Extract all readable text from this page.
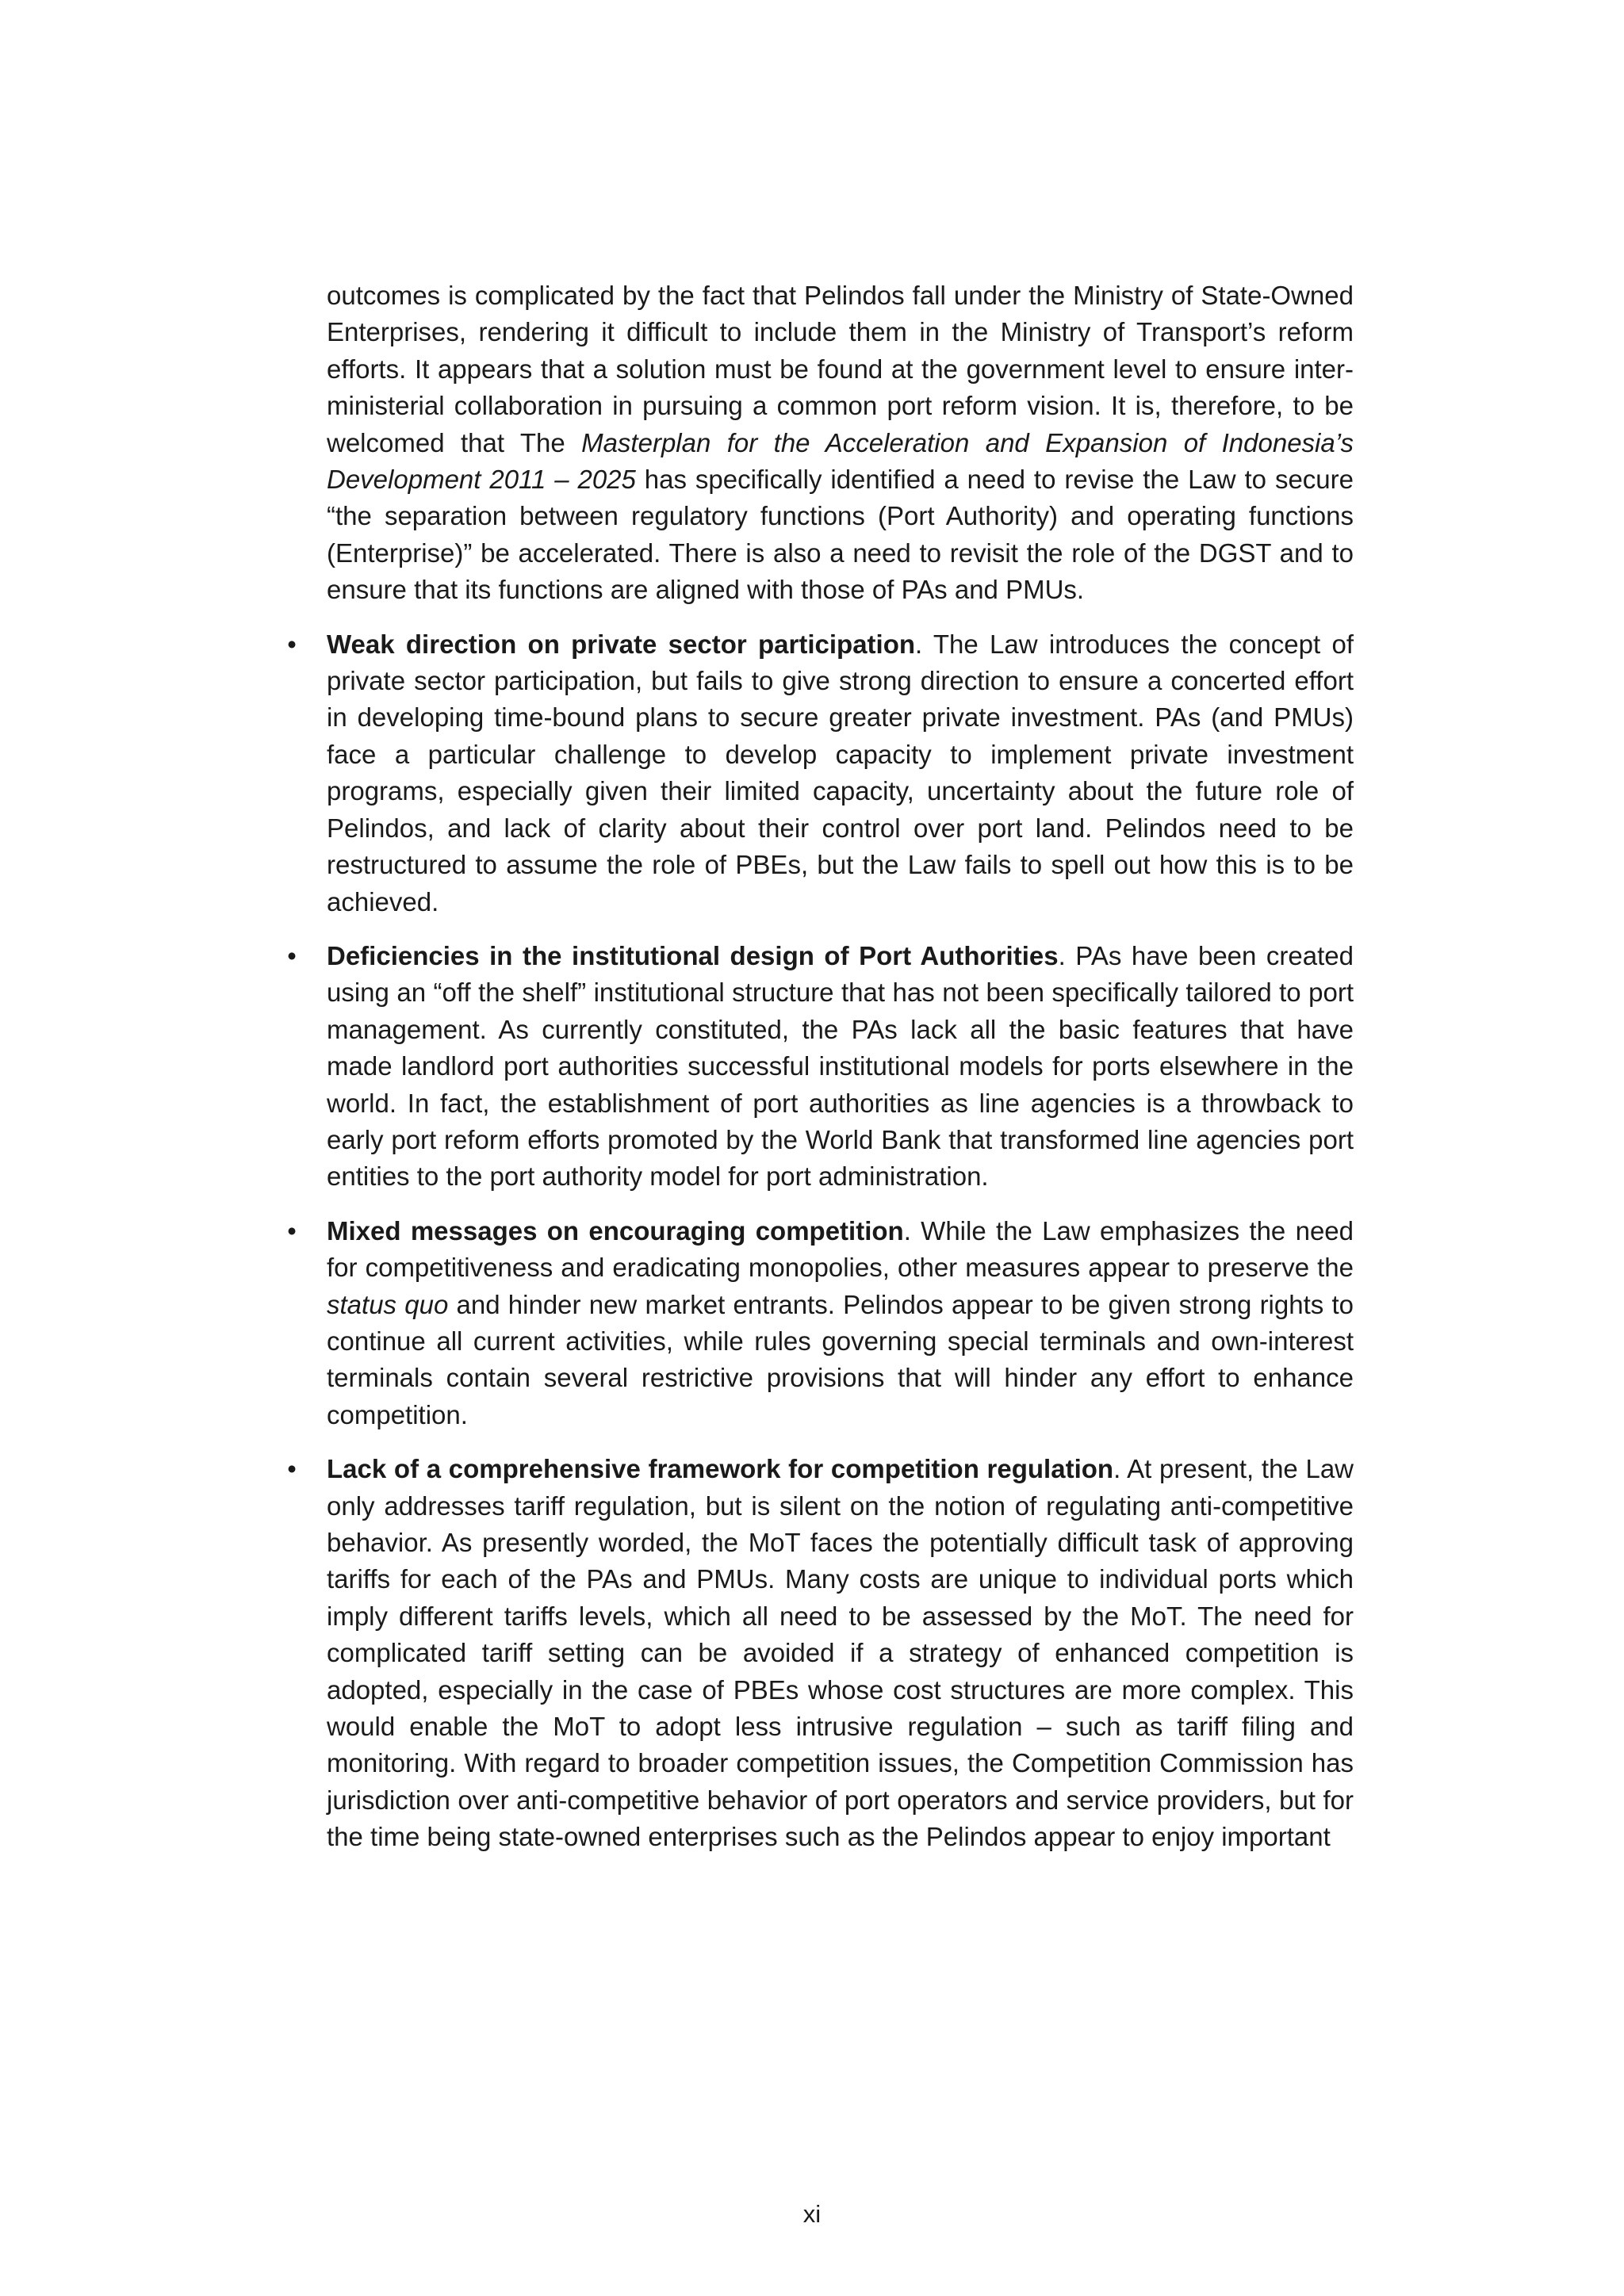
outcomes is complicated by the fact that Pelindos fall under the Ministry of State-Owned Enterprises, rendering it difficult to include them in the Ministry of Transport’s reform efforts. It appears that a solution must be found at the government level to ensure inter-ministerial collaboration in pursuing a common port reform vision. It is, therefore, to be welcomed that The Masterplan for the Acceleration and Expansion of Indonesia’s Development 2011 – 2025 has specifically identified a need to revise the Law to secure “the separation between regulatory functions (Port Authority) and operating functions (Enterprise)” be accelerated. There is also a need to revisit the role of the DGST and to ensure that its functions are aligned with those of PAs and PMUs.

• Weak direction on private sector participation. The Law introduces the concept of private sector participation, but fails to give strong direction to ensure a concerted effort in developing time-bound plans to secure greater private investment. PAs (and PMUs) face a particular challenge to develop capacity to implement private investment programs, especially given their limited capacity, uncertainty about the future role of Pelindos, and lack of clarity about their control over port land. Pelindos need to be restructured to assume the role of PBEs, but the Law fails to spell out how this is to be achieved.

• Deficiencies in the institutional design of Port Authorities. PAs have been created using an “off the shelf” institutional structure that has not been specifically tailored to port management. As currently constituted, the PAs lack all the basic features that have made landlord port authorities successful institutional models for ports elsewhere in the world. In fact, the establishment of port authorities as line agencies is a throwback to early port reform efforts promoted by the World Bank that transformed line agencies port entities to the port authority model for port administration.

• Mixed messages on encouraging competition. While the Law emphasizes the need for competitiveness and eradicating monopolies, other measures appear to preserve the status quo and hinder new market entrants. Pelindos appear to be given strong rights to continue all current activities, while rules governing special terminals and own-interest terminals contain several restrictive provisions that will hinder any effort to enhance competition.

• Lack of a comprehensive framework for competition regulation. At present, the Law only addresses tariff regulation, but is silent on the notion of regulating anti-competitive behavior. As presently worded, the MoT faces the potentially difficult task of approving tariffs for each of the PAs and PMUs. Many costs are unique to individual ports which imply different tariffs levels, which all need to be assessed by the MoT. The need for complicated tariff setting can be avoided if a strategy of enhanced competition is adopted, especially in the case of PBEs whose cost structures are more complex. This would enable the MoT to adopt less intrusive regulation – such as tariff filing and monitoring. With regard to broader competition issues, the Competition Commission has jurisdiction over anti-competitive behavior of port operators and service providers, but for the time being state-owned enterprises such as the Pelindos appear to enjoy important

xi
